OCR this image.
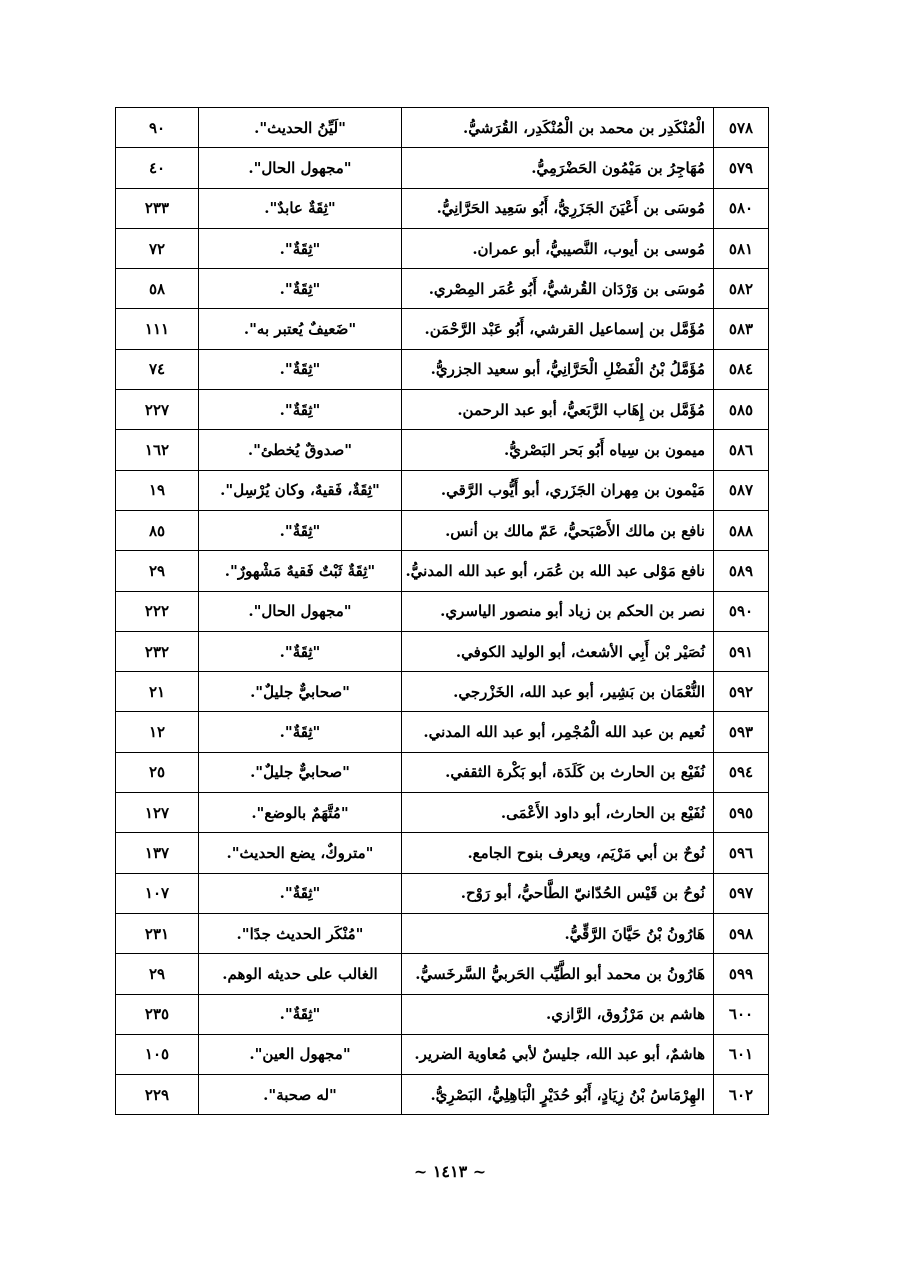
٥٧٨	الْمُنْكَدِر بن محمد بن الْمُنْكَدِر، القُرَشيُّ.	"لَيِّنُ الحديث".	٩٠
٥٧٩	مُهَاجِرُ بن مَيْمُون الحَضْرَمِيُّ.	"مجهول الحال".	٤٠
٥٨٠	مُوسَى بن أَعْيَنَ الجَزَرِيُّ، أَبُو سَعِيد الحَرَّانِيُّ.	"ثِقَةٌ عابدٌ".	٢٣٣
٥٨١	مُوسى بن أيوب، النَّصيبيُّ، أبو عمران.	"ثِقَةٌ".	٧٢
٥٨٢	مُوسَى بن وَرْدَان القُرشيُّ، أَبُو عُمَر المِصْري.	"ثِقَةٌ".	٥٨
٥٨٣	مُؤَمَّل بن إسماعيل القرشي، أَبُو عَبْد الرَّحْمَن.	"ضَعيفٌ يُعتبر به".	١١١
٥٨٤	مُؤَمَّلُ بْنُ الْفَضْلِ الْحَرَّانِيُّ، أبو سعيد الجزريُّ.	"ثِقَةٌ".	٧٤
٥٨٥	مُؤَمَّل بن إِهَاب الرَّبَعيُّ، أبو عبد الرحمن.	"ثِقَةٌ".	٢٢٧
٥٨٦	ميمون بن سِياه أَبُو بَحر البَصْريُّ.	"صدوقٌ يُخطئ".	١٦٢
٥٨٧	مَيْمون بن مِهران الجَزَري، أبو أَيُّوب الرَّقي.	"ثِقَةٌ، فَقيهٌ، وكان يُرْسِل".	١٩
٥٨٨	نافع بن مالك الأَصْبَحيُّ، عَمّ مالك بن أنس.	"ثِقَةٌ".	٨٥
٥٨٩	نافع مَوْلى عبد الله بن عُمَر، أبو عبد الله المدنيُّ.	"ثِقَةٌ ثَبْتٌ فَقيهٌ مَشْهورٌ".	٢٩
٥٩٠	نصر بن الحكم بن زياد أبو منصور الياسري.	"مجهول الحال".	٢٢٢
٥٩١	نُصَيْر بْن أَبِي الأشعث، أبو الوليد الكوفي.	"ثِقَةٌ".	٢٣٢
٥٩٢	النُّعْمَان بن بَشِير، أبو عبد الله، الخَزْرجي.	"صحابيٌّ جليلٌ".	٢١
٥٩٣	نُعيم بن عبد الله الْمُجْمِر، أبو عبد الله المدني.	"ثِقَةٌ".	١٢
٥٩٤	نُفَيْع بن الحارث بن كَلَدَة، أبو بَكْرة الثقفي.	"صحابيٌّ جليلٌ".	٢٥
٥٩٥	نُفَيْع بن الحارث، أبو داود الأَعْمَى.	"مُتَّهَمٌ بالوضع".	١٢٧
٥٩٦	نُوحٌ بن أبي مَرْيَم، ويعرف بنوح الجامع.	"متروكٌ، يضع الحديث".	١٣٧
٥٩٧	نُوحُ بن قَيْس الحُدّانيّ الطَّاحيُّ، أبو رَوْح.	"ثِقَةٌ".	١٠٧
٥٩٨	هَارُونُ بْنُ حَيَّانَ الرَّقِّيُّ.	"مُنْكَر الحديث جدًا".	٢٣١
٥٩٩	هَارُونُ بن محمد أبو الطَّيِّب الحَربيُّ السَّرخَسيُّ.	الغالب على حديثه الوهم.	٢٩
٦٠٠	هاشم بن مَرْزُوق، الرَّازي.	"ثِقَةٌ".	٢٣٥
٦٠١	هاشمٌ، أبو عبد الله، جليسٌ لأبي مُعاوية الضرير.	"مجهول العين".	١٠٥
٦٠٢	الهِرْمَاسُ بْنُ زِيَادٍ، أَبُو حُدَيْرٍ الْبَاهِلِيُّ، البَصْرِيُّ.	"له صحبة".	٢٢٩
~ ١٤١٣ ~
